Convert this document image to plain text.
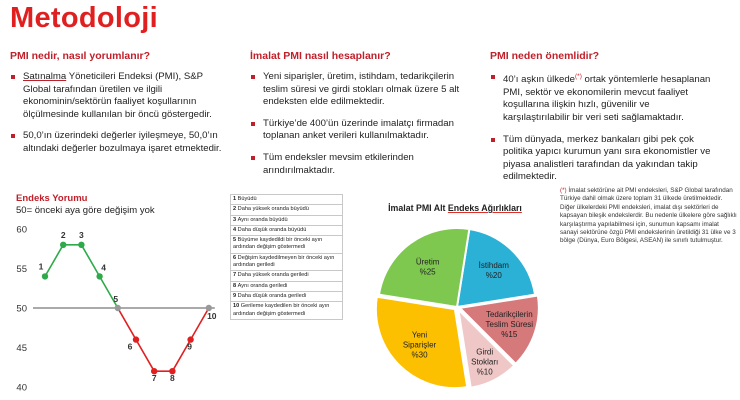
Metodoloji
PMI nedir, nasıl yorumlanır?
Satınalma Yöneticileri Endeksi (PMI), S&P Global tarafından üretilen ve ilgili ekonominin/sektörün faaliyet koşullarının ölçülmesinde kullanılan bir öncü göstergedir.
50,0’ın üzerindeki değerler iyileşmeye, 50,0’ın altındaki değerler bozulmaya işaret etmektedir.
İmalat PMI nasıl hesaplanır?
Yeni siparişler, üretim, istihdam, tedarikçilerin teslim süresi ve girdi stokları olmak üzere 5 alt endeksten elde edilmektedir.
Türkiye’de 400’ün üzerinde imalatçı firmadan toplanan anket verileri kullanılmaktadır.
Tüm endeksler mevsim etkilerinden arındırılmaktadır.
PMI neden önemlidir?
40’ı aşkın ülkede(*) ortak yöntemlerle hesaplanan PMI, sektör ve ekonomilerin mevcut faaliyet koşullarına ilişkin hızlı, güvenilir ve karşılaştırılabilir bir veri seti sağlamaktadır.
Tüm dünyada, merkez bankaları gibi pek çok politika yapıcı kurumun yanı sıra ekonomistler ve piyasa analistleri tarafından da yakından takip edilmektedir.
Endeks Yorumu
50= önceki aya göre değişim yok
40
45
50
55
60
1
2 3
4
5
6
7 8
9
10
1 Büyüdü
2 Daha yüksek oranda büyüdü
3 Aynı oranda büyüdü
4 Daha düşük oranda büyüdü
5 Büyüme kaydedildi bir önceki ayın ardından değişim göstermedi
6 Değişim kaydedilmeyen bir önceki ayın ardından geriledi
7 Daha yüksek oranda geriledi
8 Aynı oranda geriledi
9 Daha düşük oranda geriledi
10 Gerileme kaydedilen bir önceki ayın ardından değişim göstermedi
İmalat PMI Alt Endeks Ağırlıkları
İstihdam %20
Tedarikçilerin Teslim Süresi %15
Girdi Stokları %10
Yeni Siparişler %30
Üretim %25
(*) İmalat sektörüne ait PMI endeksleri, S&P Global tarafından Türkiye dahil olmak üzere toplam 31 ülkede üretilmektedir. Diğer ülkelerdeki PMI endeksleri, imalat dışı sektörleri de kapsayan bileşik endekslerdir. Bu nedenle ülkelere göre sağlıklı karşılaştırma yapılabilmesi için, sunumun kapsamı imalat sanayi sektörüne özgü PMI endekslerinin üretildiği 31 ülke ve 3 bölge (Dünya, Euro Bölgesi, ASEAN) ile sınırlı tutulmuştur.
